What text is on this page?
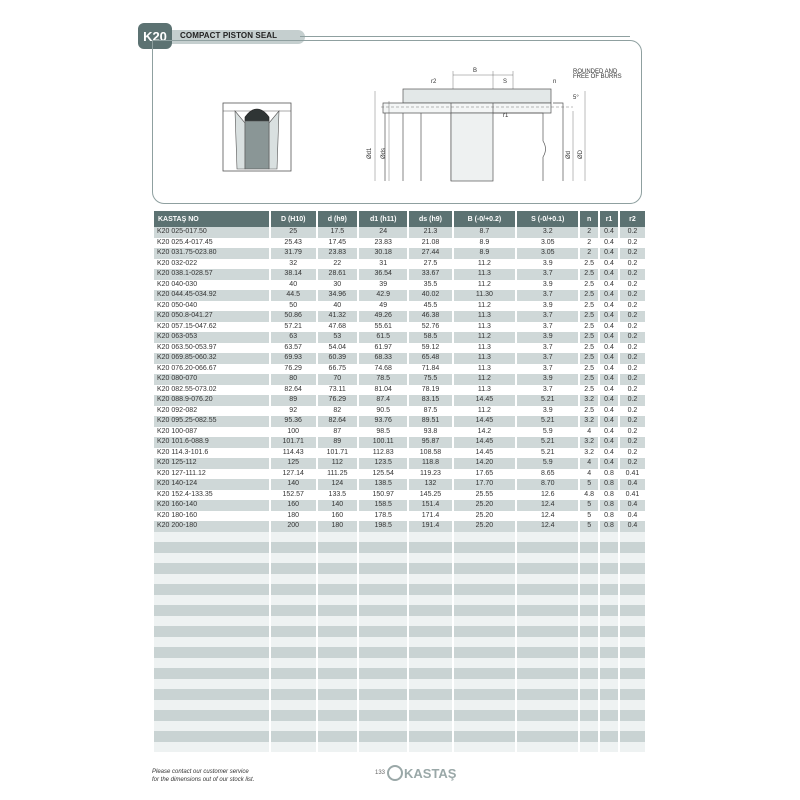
K20	COMPACT PISTON SEAL
B
S	n
r2
r1
ROUNDED AND
FREE OF BURRS
5°
Ød1 Øds	Ød ØD
KASTAŞ NO	D (H10)	d (h9)	d1 (h11)	ds (h9)	B (-0/+0.2)	S (-0/+0.1)	n	r1	r2
K20 025-017.50	25	17.5	24	21.3	8.7	3.2	2	0.4	0.2
K20 025.4-017.45	25.43	17.45	23.83	21.08	8.9	3.05	2	0.4	0.2
K20 031.75-023.80	31.79	23.83	30.18	27.44	8.9	3.05	2	0.4	0.2
K20 032-022	32	22	31	27.5	11.2	3.9	2.5	0.4	0.2
K20 038.1-028.57	38.14	28.61	36.54	33.67	11.3	3.7	2.5	0.4	0.2
K20 040-030	40	30	39	35.5	11.2	3.9	2.5	0.4	0.2
K20 044.45-034.92	44.5	34.96	42.9	40.02	11.30	3.7	2.5	0.4	0.2
K20 050-040	50	40	49	45.5	11.2	3.9	2.5	0.4	0.2
K20 050.8-041.27	50.86	41.32	49.26	46.38	11.3	3.7	2.5	0.4	0.2
K20 057.15-047.62	57.21	47.68	55.61	52.76	11.3	3.7	2.5	0.4	0.2
K20 063-053	63	53	61.5	58.5	11.2	3.9	2.5	0.4	0.2
K20 063.50-053.97	63.57	54.04	61.97	59.12	11.3	3.7	2.5	0.4	0.2
K20 069.85-060.32	69.93	60.39	68.33	65.48	11.3	3.7	2.5	0.4	0.2
K20 076.20-066.67	76.29	66.75	74.68	71.84	11.3	3.7	2.5	0.4	0.2
K20 080-070	80	70	78.5	75.5	11.2	3.9	2.5	0.4	0.2
K20 082.55-073.02	82.64	73.11	81.04	78.19	11.3	3.7	2.5	0.4	0.2
K20 088.9-076.20	89	76.29	87.4	83.15	14.45	5.21	3.2	0.4	0.2
K20 092-082	92	82	90.5	87.5	11.2	3.9	2.5	0.4	0.2
K20 095.25-082.55	95.36	82.64	93.76	89.51	14.45	5.21	3.2	0.4	0.2
K20 100-087	100	87	98.5	93.8	14.2	5.9	4	0.4	0.2
K20 101.6-088.9	101.71	89	100.11	95.87	14.45	5.21	3.2	0.4	0.2
K20 114.3-101.6	114.43	101.71	112.83	108.58	14.45	5.21	3.2	0.4	0.2
K20 125-112	125	112	123.5	118.8	14.20	5.9	4	0.4	0.2
K20 127-111.12	127.14	111.25	125.54	119.23	17.65	8.65	4	0.8	0.41
K20 140-124	140	124	138.5	132	17.70	8.70	5	0.8	0.4
K20 152.4-133.35	152.57	133.5	150.97	145.25	25.55	12.6	4.8	0.8	0.41
K20 160-140	160	140	158.5	151.4	25.20	12.4	5	0.8	0.4
K20 180-160	180	160	178.5	171.4	25.20	12.4	5	0.8	0.4
K20 200-180	200	180	198.5	191.4	25.20	12.4	5	0.8	0.4

Please contact our customer service
for the dimensions out of our stock list.
133 KASTAŞ
